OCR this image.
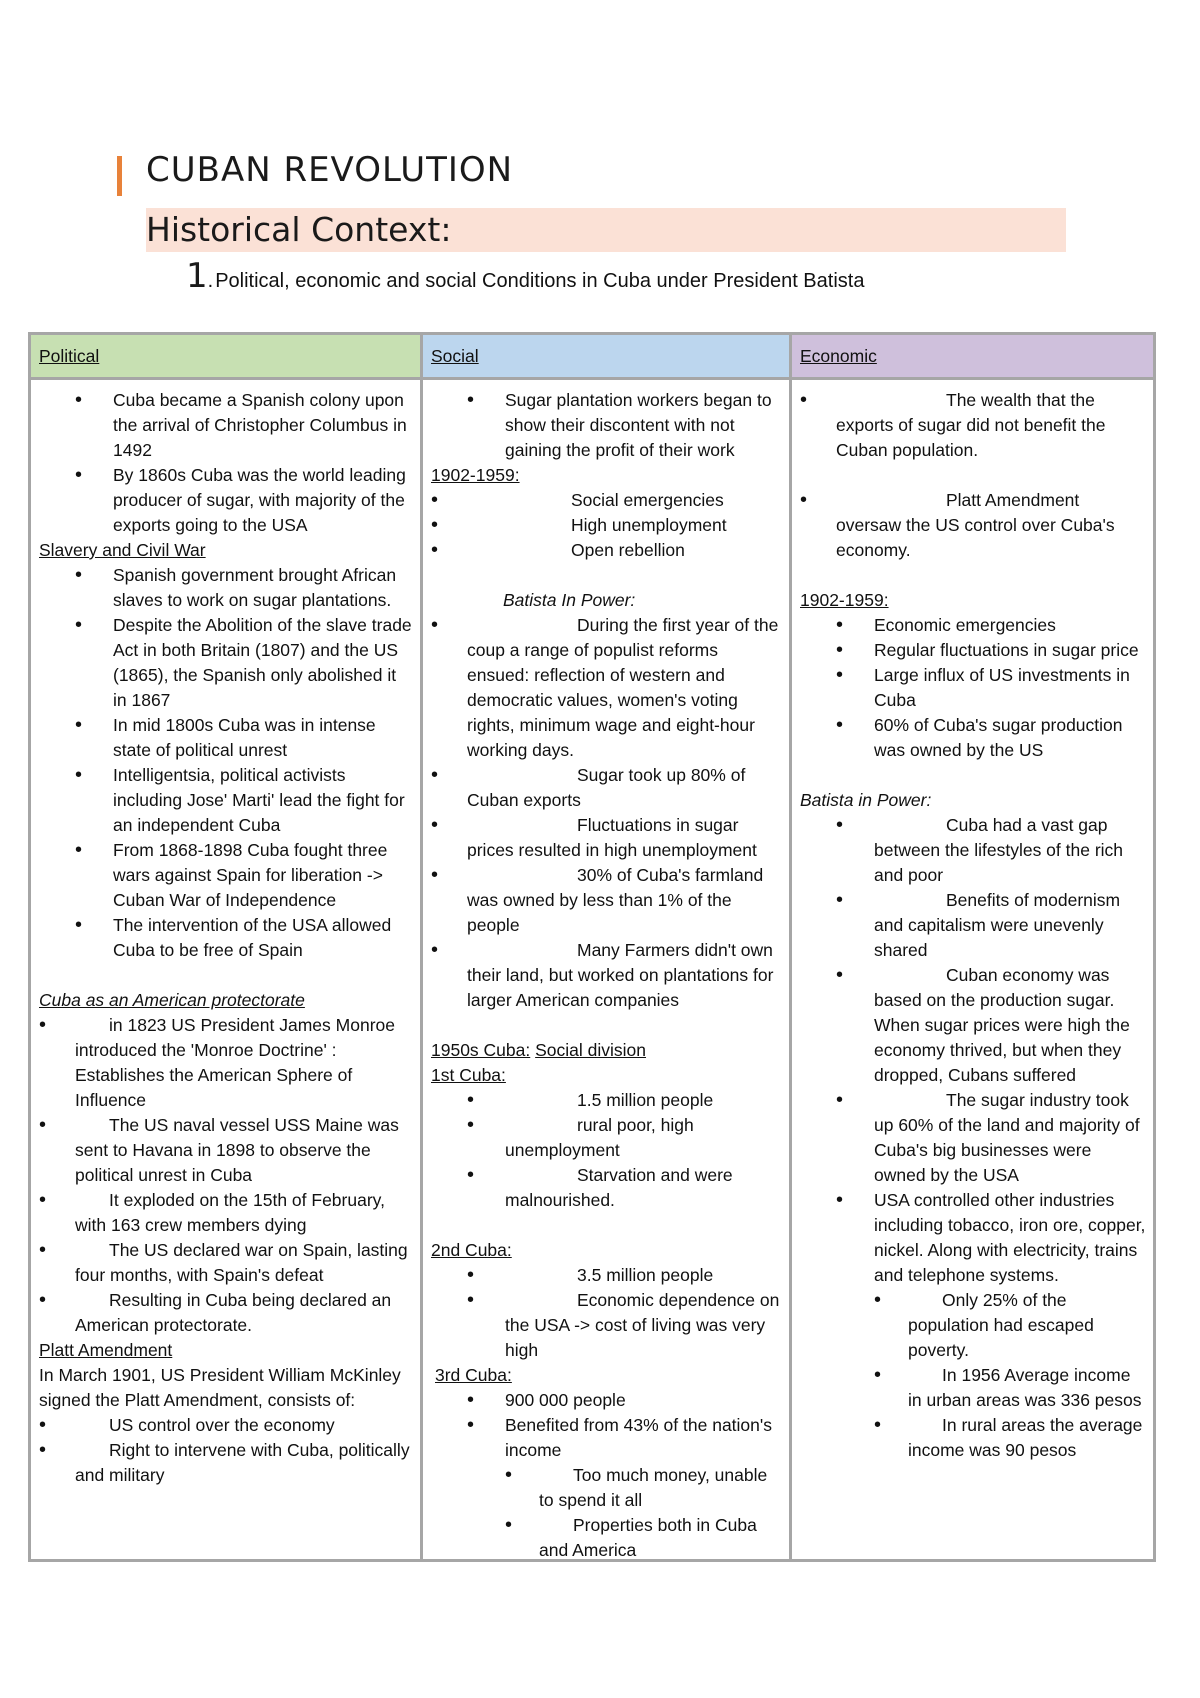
CUBAN REVOLUTION
Historical Context:
1 . Political, economic and social Conditions in Cuba under President Batista
Political

• Cuba became a Spanish colony upon the arrival of Christopher Columbus in 1492

• By 1860s Cuba was the world leading producer of sugar, with majority of the exports going to the USA

Slavery and Civil War

• Spanish government brought African slaves to work on sugar plantations.

• Despite the Abolition of the slave trade Act in both Britain (1807) and the US (1865), the Spanish only abolished it in 1867

• In mid 1800s Cuba was in intense state of political unrest

• Intelligentsia, political activists including Jose' Marti' lead the fight for an independent Cuba

• From 1868-1898 Cuba fought three wars against Spain for liberation -> Cuban War of Independence

• The intervention of the USA allowed Cuba to be free of Spain

Cuba as an American protectorate

• in 1823 US President James Monroe introduced the 'Monroe Doctrine' : Establishes the American Sphere of Influence

• The US naval vessel USS Maine was sent to Havana in 1898 to observe the political unrest in Cuba

• It exploded on the 15th of February, with 163 crew members dying

• The US declared war on Spain, lasting four months, with Spain's defeat

• Resulting in Cuba being declared an American protectorate.

Platt Amendment

In March 1901, US President William McKinley signed the Platt Amendment, consists of:

• US control over the economy

• Right to intervene with Cuba, politically and military

Social

• Sugar plantation workers began to show their discontent with not gaining the profit of their work

1902-1959:

• Social emergencies

• High unemployment

• Open rebellion

Batista In Power:

• During the first year of the coup a range of populist reforms ensued: reflection of western and democratic values, women's voting rights, minimum wage and eight-hour working days.

• Sugar took up 80% of Cuban exports

• Fluctuations in sugar prices resulted in high unemployment

• 30% of Cuba's farmland was owned by less than 1% of the people

• Many Farmers didn't own their land, but worked on plantations for larger American companies

1950s Cuba: Social division

1st Cuba:

• 1.5 million people

• rural poor, high unemployment

• Starvation and were malnourished.

2nd Cuba:

• 3.5 million people

• Economic dependence on the USA -> cost of living was very high

3rd Cuba:

• 900 000 people

• Benefited from 43% of the nation's income

• Too much money, unable to spend it all

• Properties both in Cuba and America

Economic

• The wealth that the exports of sugar did not benefit the Cuban population.

• Platt Amendment oversaw the US control over Cuba's economy.

1902-1959:

• Economic emergencies

• Regular fluctuations in sugar price

• Large influx of US investments in Cuba

• 60% of Cuba's sugar production was owned by the US

Batista in Power:

• Cuba had a vast gap between the lifestyles of the rich and poor

• Benefits of modernism and capitalism were unevenly shared

• Cuban economy was based on the production sugar. When sugar prices were high the economy thrived, but when they dropped, Cubans suffered

• The sugar industry took up 60% of the land and majority of Cuba's big businesses were owned by the USA

• USA controlled other industries including tobacco, iron ore, copper, nickel. Along with electricity, trains and telephone systems.

• Only 25% of the population had escaped poverty.

• In 1956 Average income in urban areas was 336 pesos

• In rural areas the average income was 90 pesos
